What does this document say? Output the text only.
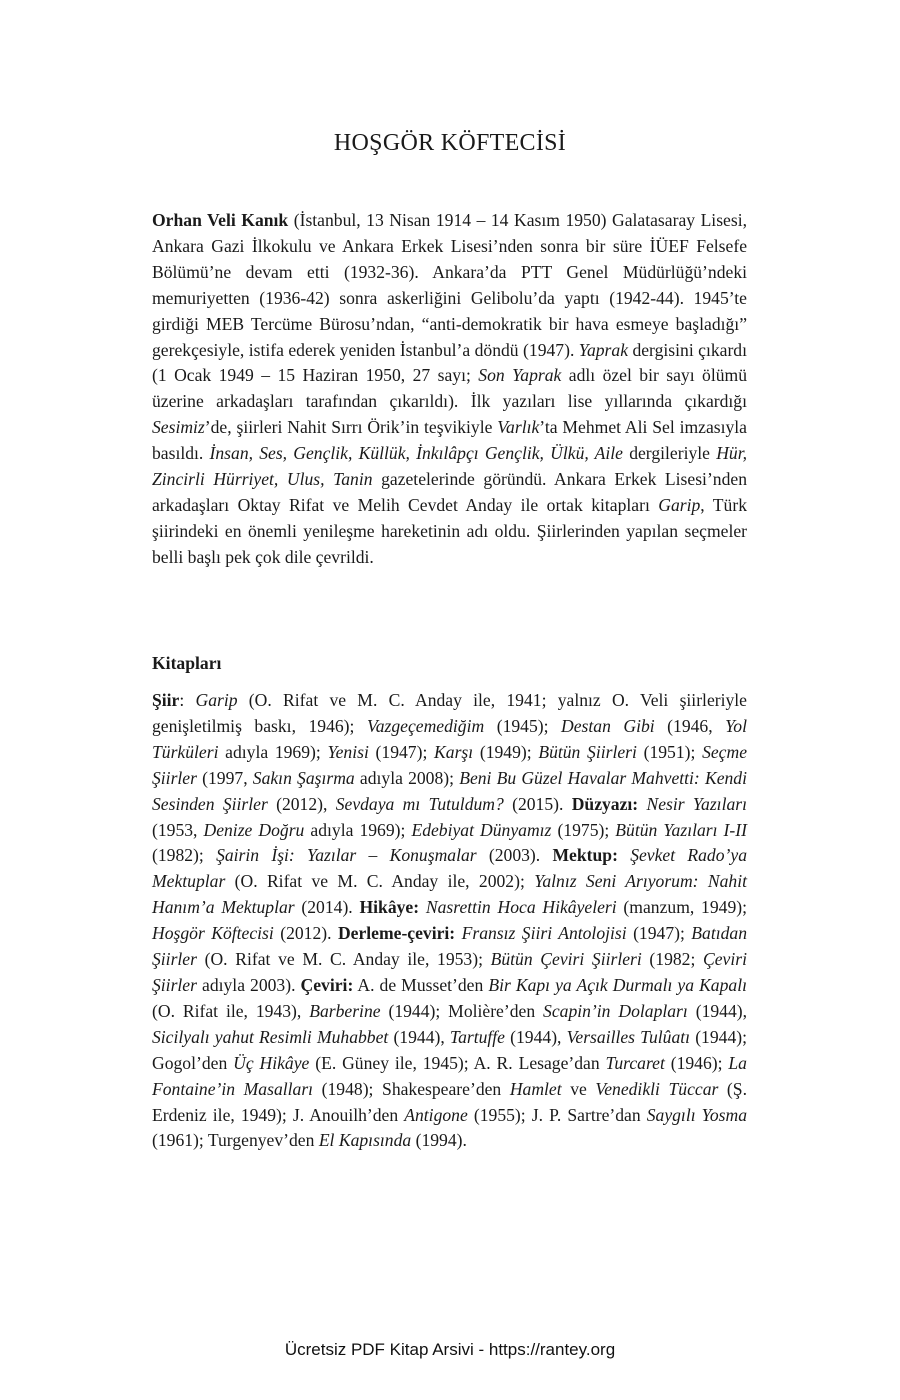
HOŞGÖR KÖFTECİSİ
Orhan Veli Kanık (İstanbul, 13 Nisan 1914 – 14 Kasım 1950) Galatasaray Lisesi, Ankara Gazi İlkokulu ve Ankara Erkek Lisesi’nden sonra bir süre İÜEF Felsefe Bölümü’ne devam etti (1932-36). Ankara’da PTT Genel Müdürlüğü’ndeki memuriyetten (1936-42) sonra askerliğini Gelibolu’da yaptı (1942-44). 1945’te girdiği MEB Tercüme Bürosu’ndan, “anti-demokratik bir hava esmeye başladığı” gerekçesiyle, istifa ederek yeniden İstanbul’a döndü (1947). Yaprak dergisini çıkardı (1 Ocak 1949 – 15 Haziran 1950, 27 sayı; Son Yaprak adlı özel bir sayı ölümü üzerine arkadaşları tarafından çıkarıldı). İlk yazıları lise yıllarında çıkardığı Sesimiz’de, şiirleri Nahit Sırrı Örik’in teşvikiyle Varlık’ta Mehmet Ali Sel imzasıyla basıldı. İnsan, Ses, Gençlik, Küllük, İnkılâpçı Gençlik, Ülkü, Aile dergileriyle Hür, Zincirli Hürriyet, Ulus, Tanin gazetelerinde göründü. Ankara Erkek Lisesi’nden arkadaşları Oktay Rifat ve Melih Cevdet Anday ile ortak kitapları Garip, Türk şiirindeki en önemli yenileşme hareketinin adı oldu. Şiirlerinden yapılan seçmeler belli başlı pek çok dile çevrildi.
Kitapları
Şiir: Garip (O. Rifat ve M. C. Anday ile, 1941; yalnız O. Veli şiirleriyle genişletilmiş baskı, 1946); Vazgeçemediğim (1945); Destan Gibi (1946, Yol Türküleri adıyla 1969); Yenisi (1947); Karşı (1949); Bütün Şiirleri (1951); Seçme Şiirler (1997, Sakın Şaşırma adıyla 2008); Beni Bu Güzel Havalar Mahvetti: Kendi Sesinden Şiirler (2012), Sevdaya mı Tutuldum? (2015). Düzyazı: Nesir Yazıları (1953, Denize Doğru adıyla 1969); Edebiyat Dünyamız (1975); Bütün Yazıları I-II (1982); Şairin İşi: Yazılar – Konuşmalar (2003). Mektup: Şevket Rado’ya Mektuplar (O. Rifat ve M. C. Anday ile, 2002); Yalnız Seni Arıyorum: Nahit Hanım’a Mektuplar (2014). Hikâye: Nasrettin Hoca Hikâyeleri (manzum, 1949); Hoşgör Köftecisi (2012). Derleme-çeviri: Fransız Şiiri Antolojisi (1947); Batıdan Şiirler (O. Rifat ve M. C. Anday ile, 1953); Bütün Çeviri Şiirleri (1982; Çeviri Şiirler adıyla 2003). Çeviri: A. de Musset’den Bir Kapı ya Açık Durmalı ya Kapalı (O. Rifat ile, 1943), Barberine (1944); Molière’den Scapin’in Dolapları (1944), Sicilyalı yahut Resimli Muhabbet (1944), Tartuffe (1944), Versailles Tulûatı (1944); Gogol’den Üç Hikâye (E. Güney ile, 1945); A. R. Lesage’dan Turcaret (1946); La Fontaine’in Masalları (1948); Shakespeare’den Hamlet ve Venedikli Tüccar (Ş. Erdeniz ile, 1949); J. Anouilh’den Antigone (1955); J. P. Sartre’dan Saygılı Yosma (1961); Turgenyev’den El Kapısında (1994).
Ücretsiz PDF Kitap Arsivi - https://rantey.org
